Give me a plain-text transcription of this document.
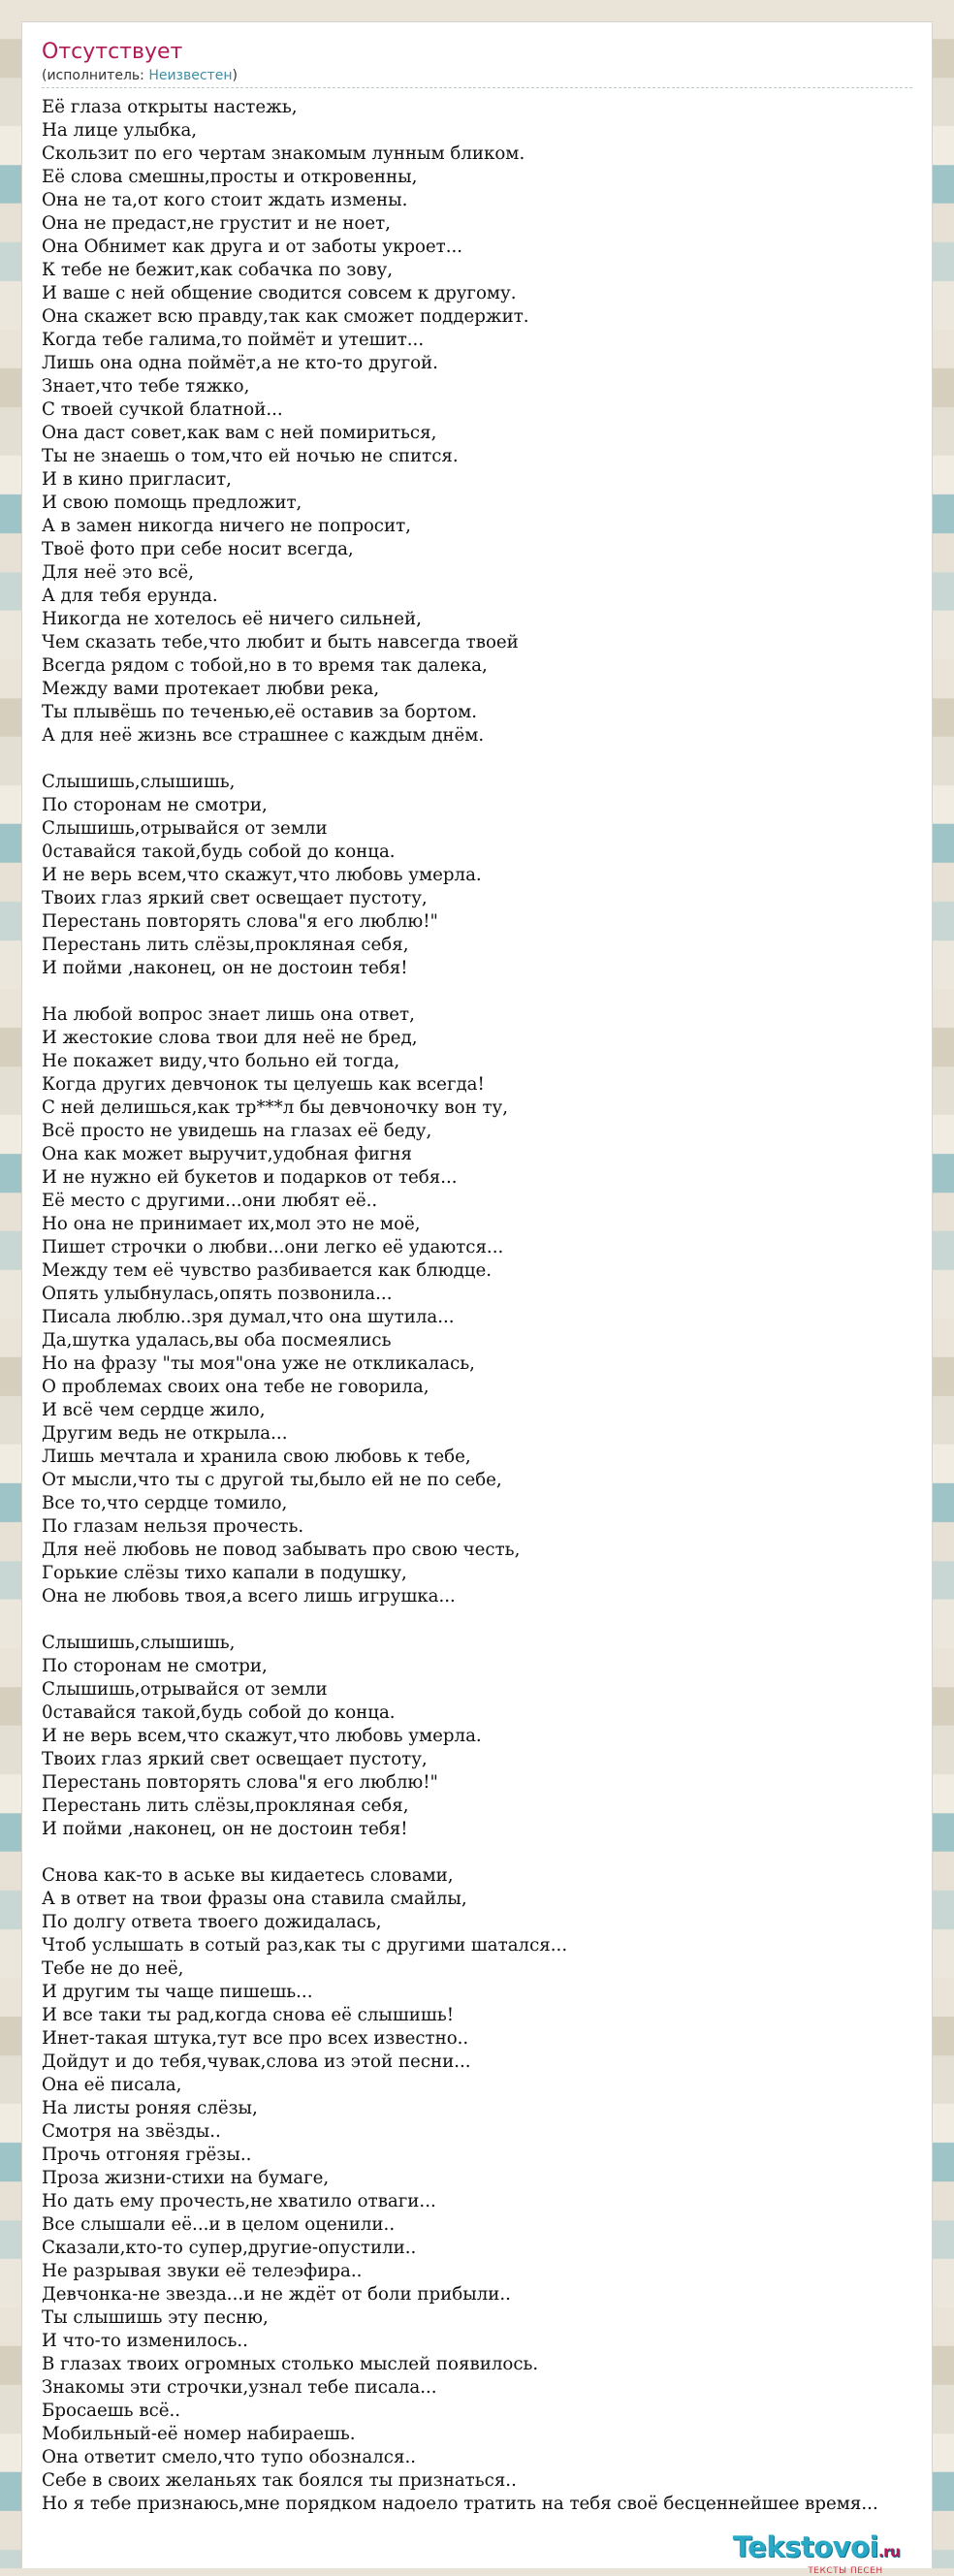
Отсутствует
(исполнитель: Неизвестен)
Её глаза открыты настежь,
На лице улыбка,
Скользит по его чертам знакомым лунным бликом.
Её слова смешны,просты и откровенны,
Она не та,от кого стоит ждать измены.
Она не предаст,не грустит и не ноет,
Она Обнимет как друга и от заботы укроет...
К тебе не бежит,как собачка по зову,
И ваше с ней общение сводится совсем к другому.
Она скажет всю правду,так как сможет поддержит.
Когда тебе галима,то поймёт и утешит...
Лишь она одна поймёт,а не кто-то другой.
Знает,что тебе тяжко,
С твоей сучкой блатной...
Она даст совет,как вам с ней помириться,
Ты не знаешь о том,что ей ночью не спится.
И в кино пригласит,
И свою помощь предложит,
А в замен никогда ничего не попросит,
Твоё фото при себе носит всегда,
Для неё это всё,
А для тебя ерунда.
Никогда не хотелось её ничего сильней,
Чем сказать тебе,что любит и быть навсегда твоей
Всегда рядом с тобой,но в то время так далека,
Между вами протекает любви река,
Ты плывёшь по теченью,её оставив за бортом.
А для неё жизнь все страшнее с каждым днём.
Слышишь,слышишь,
По сторонам не смотри,
Слышишь,отрывайся от земли
0ставайся такой,будь собой до конца.
И не верь всем,что скажут,что любовь умерла.
Твоих глаз яркий свет освещает пустоту,
Перестань повторять слова"я его люблю!"
Перестань лить слёзы,прокляная себя,
И пойми ,наконец, он не достоин тебя!
На любой вопрос знает лишь она ответ,
И жестокие слова твои для неё не бред,
Не покажет виду,что больно ей тогда,
Когда других девчонок ты целуешь как всегда!
С ней делишься,как тр***л бы девчоночку вон ту,
Всё просто не увидешь на глазах её беду,
Она как может выручит,удобная фигня
И не нужно ей букетов и подарков от тебя...
Её место с другими...они любят её..
Но она не принимает их,мол это не моё,
Пишет строчки о любви...они легко её удаются...
Между тем её чувство разбивается как блюдце.
Опять улыбнулась,опять позвонила...
Писала люблю..зря думал,что она шутила...
Да,шутка удалась,вы оба посмеялись
Но на фразу "ты моя"она уже не откликалась,
О проблемах своих она тебе не говорила,
И всё чем сердце жило,
Другим ведь не открыла...
Лишь мечтала и хранила свою любовь к тебе,
От мысли,что ты с другой ты,было ей не по себе,
Все то,что сердце томило,
По глазам нельзя прочесть.
Для неё любовь не повод забывать про свою честь,
Горькие слёзы тихо капали в подушку,
Она не любовь твоя,а всего лишь игрушка...
Слышишь,слышишь,
По сторонам не смотри,
Слышишь,отрывайся от земли
0ставайся такой,будь собой до конца.
И не верь всем,что скажут,что любовь умерла.
Твоих глаз яркий свет освещает пустоту,
Перестань повторять слова"я его люблю!"
Перестань лить слёзы,прокляная себя,
И пойми ,наконец, он не достоин тебя!
Снова как-то в аське вы кидаетесь словами,
А в ответ на твои фразы она ставила смайлы,
По долгу ответа твоего дожидалась,
Чтоб услышать в сотый раз,как ты с другими шатался...
Тебе не до неё,
И другим ты чаще пишешь...
И все таки ты рад,когда снова её слышишь!
Инет-такая штука,тут все про всех известно..
Дойдут и до тебя,чувак,слова из этой песни...
Она её писала,
На листы роняя слёзы,
Смотря на звёзды..
Прочь отгоняя грёзы..
Проза жизни-стихи на бумаге,
Но дать ему прочесть,не хватило отваги...
Все слышали её...и в целом оценили..
Сказали,кто-то супер,другие-опустили..
Не разрывая звуки её телеэфира..
Девчонка-не звезда...и не ждёт от боли прибыли..
Ты слышишь эту песню,
И что-то изменилось..
В глазах твоих огромных столько мыслей появилось.
Знакомы эти строчки,узнал тебе писала...
Бросаешь всё..
Мобильный-её номер набираешь.
Она ответит смело,что тупо обознался..
Себе в своих желаньях так боялся ты признаться..
Но я тебе признаюсь,мне порядком надоело тратить на тебя своё бесценнейшее время...
Tekstovoi.ru
ТЕКСТЫ ПЕСЕН
